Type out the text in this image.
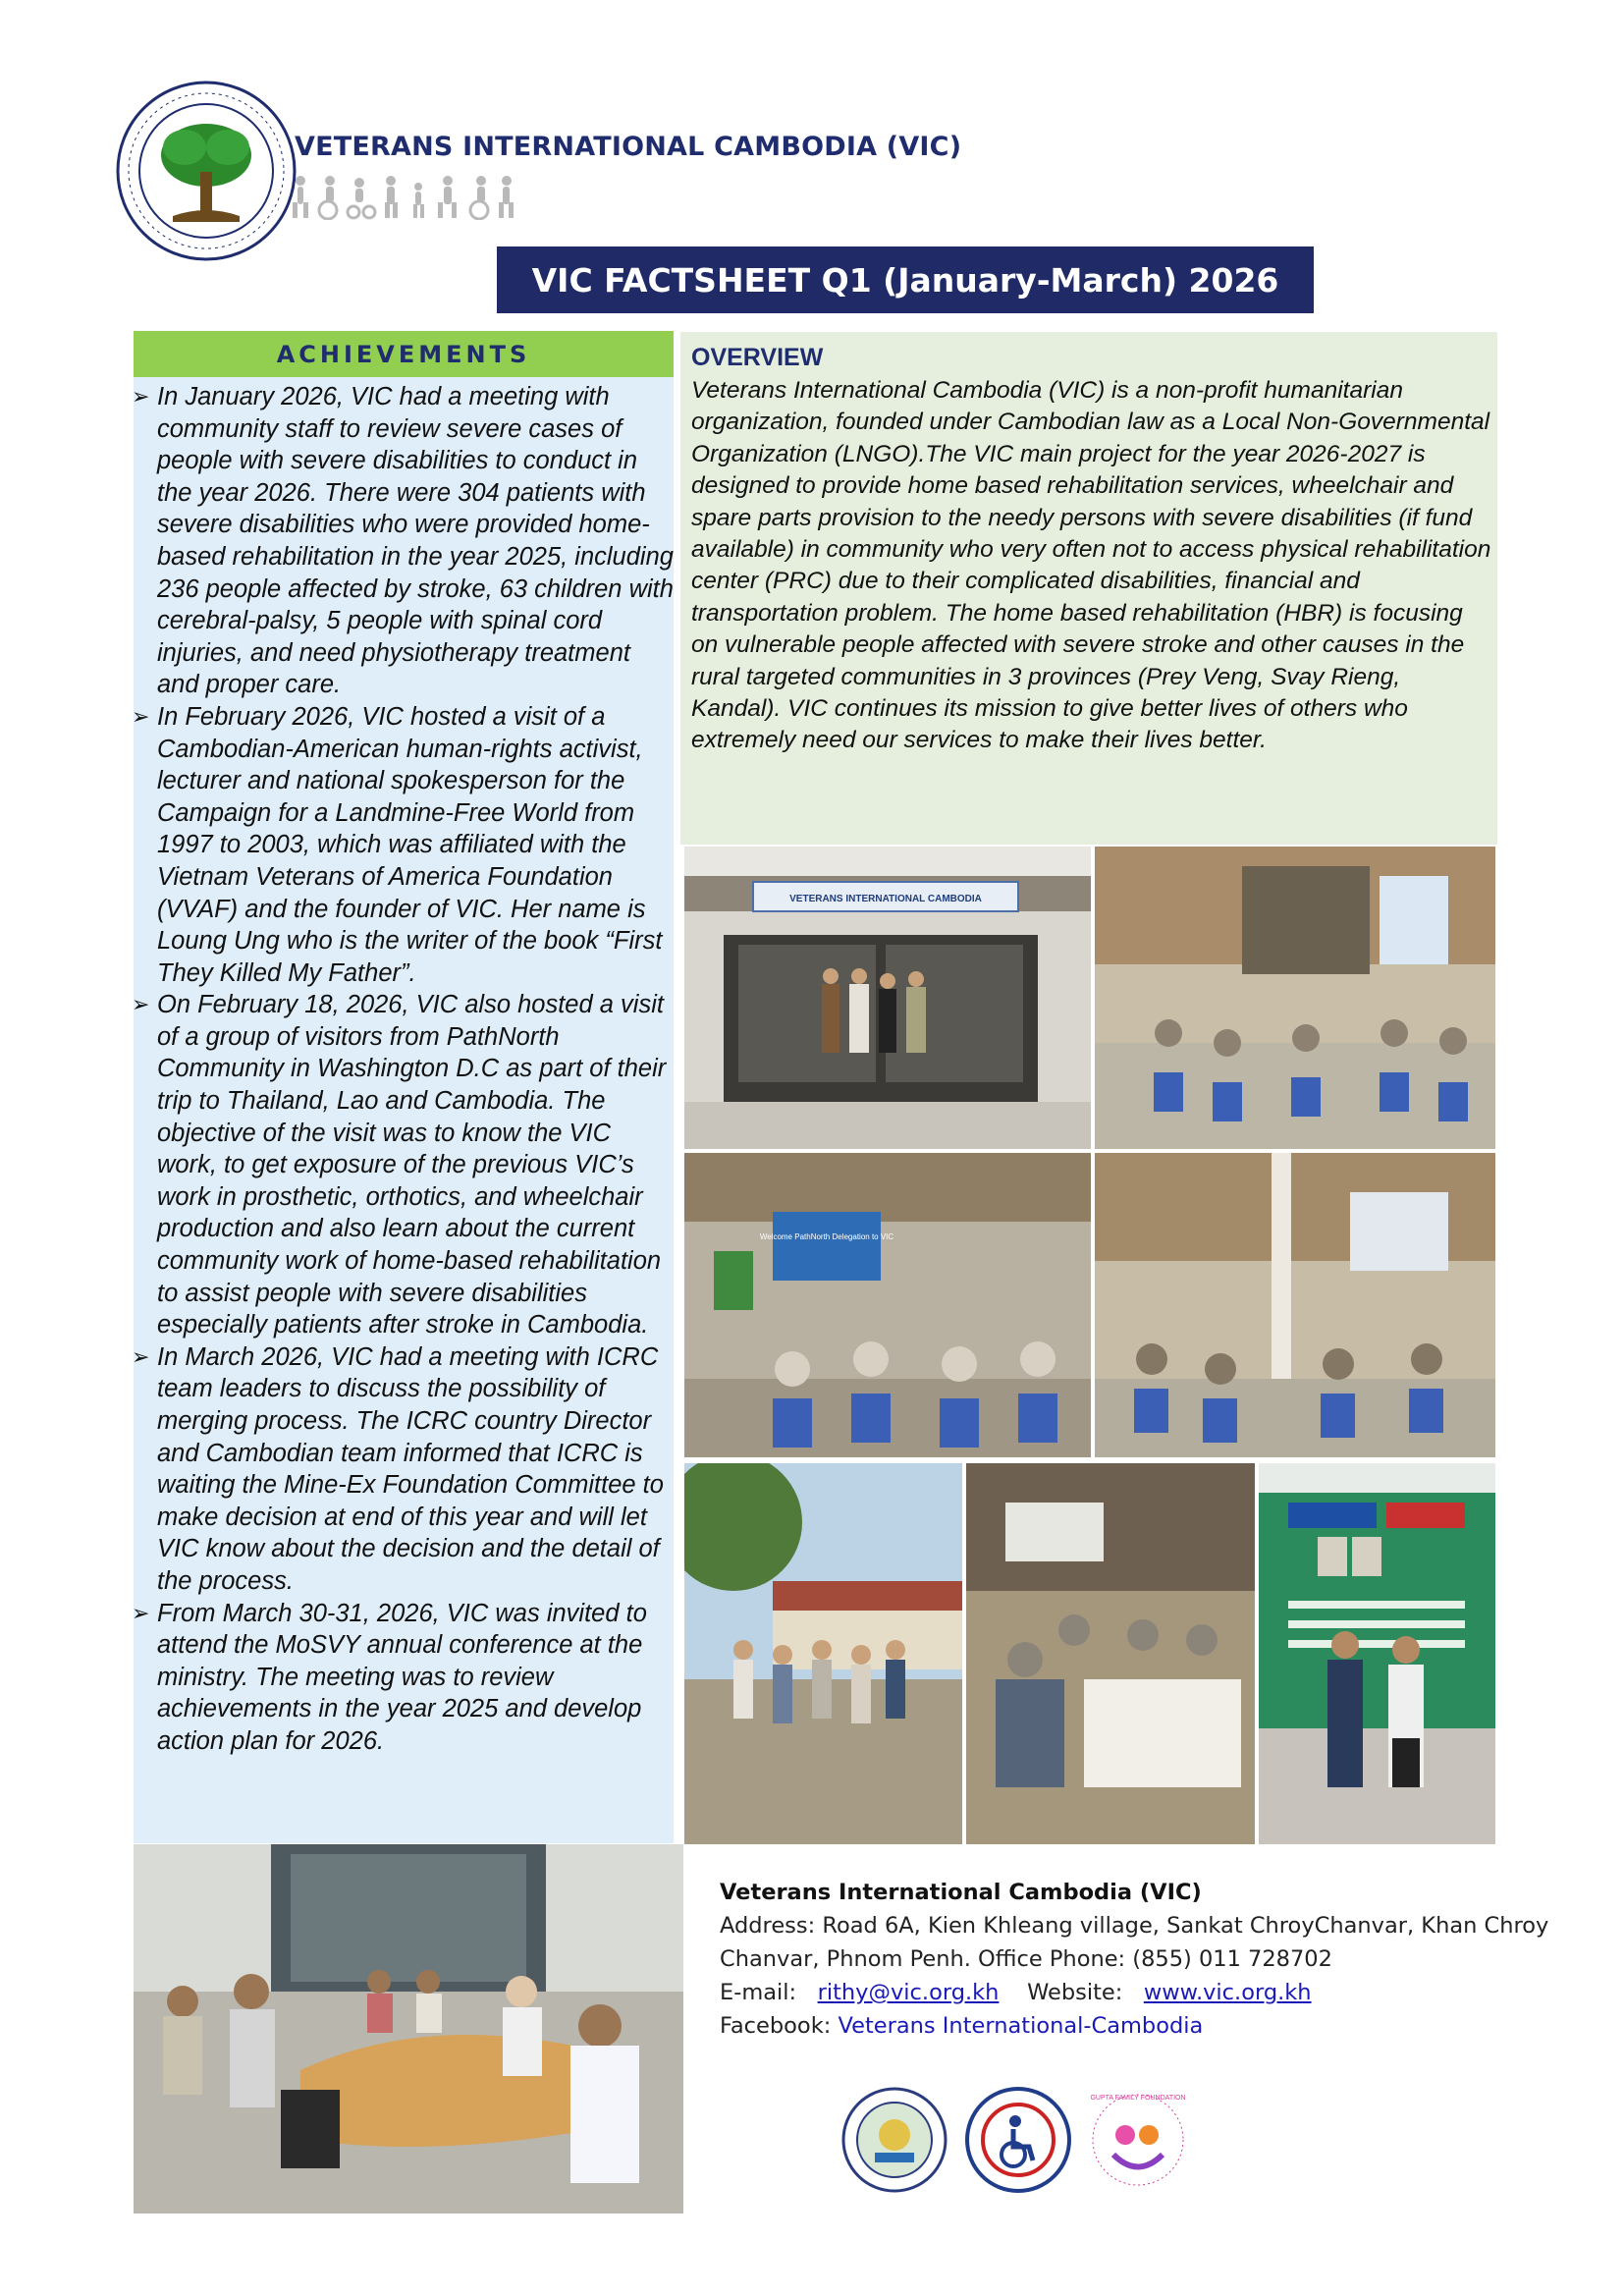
VETERANS INTERNATIONAL CAMBODIA (VIC)
VIC FACTSHEET Q1 (January-March) 2026
ACHIEVEMENTS
➢ In January 2026, VIC had a meeting with community staff to review severe cases of people with severe disabilities to conduct in the year 2026. There were 304 patients with severe disabilities who were provided home-based rehabilitation in the year 2025, including 236 people affected by stroke, 63 children with cerebral-palsy, 5 people with spinal cord injuries, and need physiotherapy treatment and proper care.
➢ In February 2026, VIC hosted a visit of a Cambodian-American human-rights activist, lecturer and national spokesperson for the Campaign for a Landmine-Free World from 1997 to 2003, which was affiliated with the Vietnam Veterans of America Foundation (VVAF) and the founder of VIC. Her name is Loung Ung who is the writer of the book “First They Killed My Father”.
➢ On February 18, 2026, VIC also hosted a visit of a group of visitors from PathNorth Community in Washington D.C as part of their trip to Thailand, Lao and Cambodia. The objective of the visit was to know the VIC work, to get exposure of the previous VIC’s work in prosthetic, orthotics, and wheelchair production and also learn about the current community work of home-based rehabilitation to assist people with severe disabilities especially patients after stroke in Cambodia.
➢ In March 2026, VIC had a meeting with ICRC team leaders to discuss the possibility of merging process. The ICRC country Director and Cambodian team informed that ICRC is waiting the Mine-Ex Foundation Committee to make decision at end of this year and will let VIC know about the decision and the detail of the process.
➢ From March 30-31, 2026, VIC was invited to attend the MoSVY annual conference at the ministry. The meeting was to review achievements in the year 2025 and develop action plan for 2026.
OVERVIEW
Veterans International Cambodia (VIC) is a non-profit humanitarian organization, founded under Cambodian law as a Local Non-Governmental Organization (LNGO).The VIC main project for the year 2026-2027 is designed to provide home based rehabilitation services, wheelchair and spare parts provision to the needy persons with severe disabilities (if fund available) in community who very often not to access physical rehabilitation center (PRC) due to their complicated disabilities, financial and transportation problem. The home based rehabilitation (HBR) is focusing on vulnerable people affected with severe stroke and other causes in the rural targeted communities in 3 provinces (Prey Veng, Svay Rieng, Kandal). VIC continues its mission to give better lives of others who extremely need our services to make their lives better.
VETERANS INTERNATIONAL CAMBODIA
Welcome PathNorth Delegation to VIC
Veterans International Cambodia (VIC)
Address: Road 6A, Kien Khleang village, Sankat ChroyChanvar, Khan Chroy Chanvar, Phnom Penh. Office Phone: (855) 011 728702
E-mail: rithy@vic.org.kh Website: www.vic.org.kh
Facebook: Veterans International-Cambodia
GUPTA FAMILY FOUNDATION
